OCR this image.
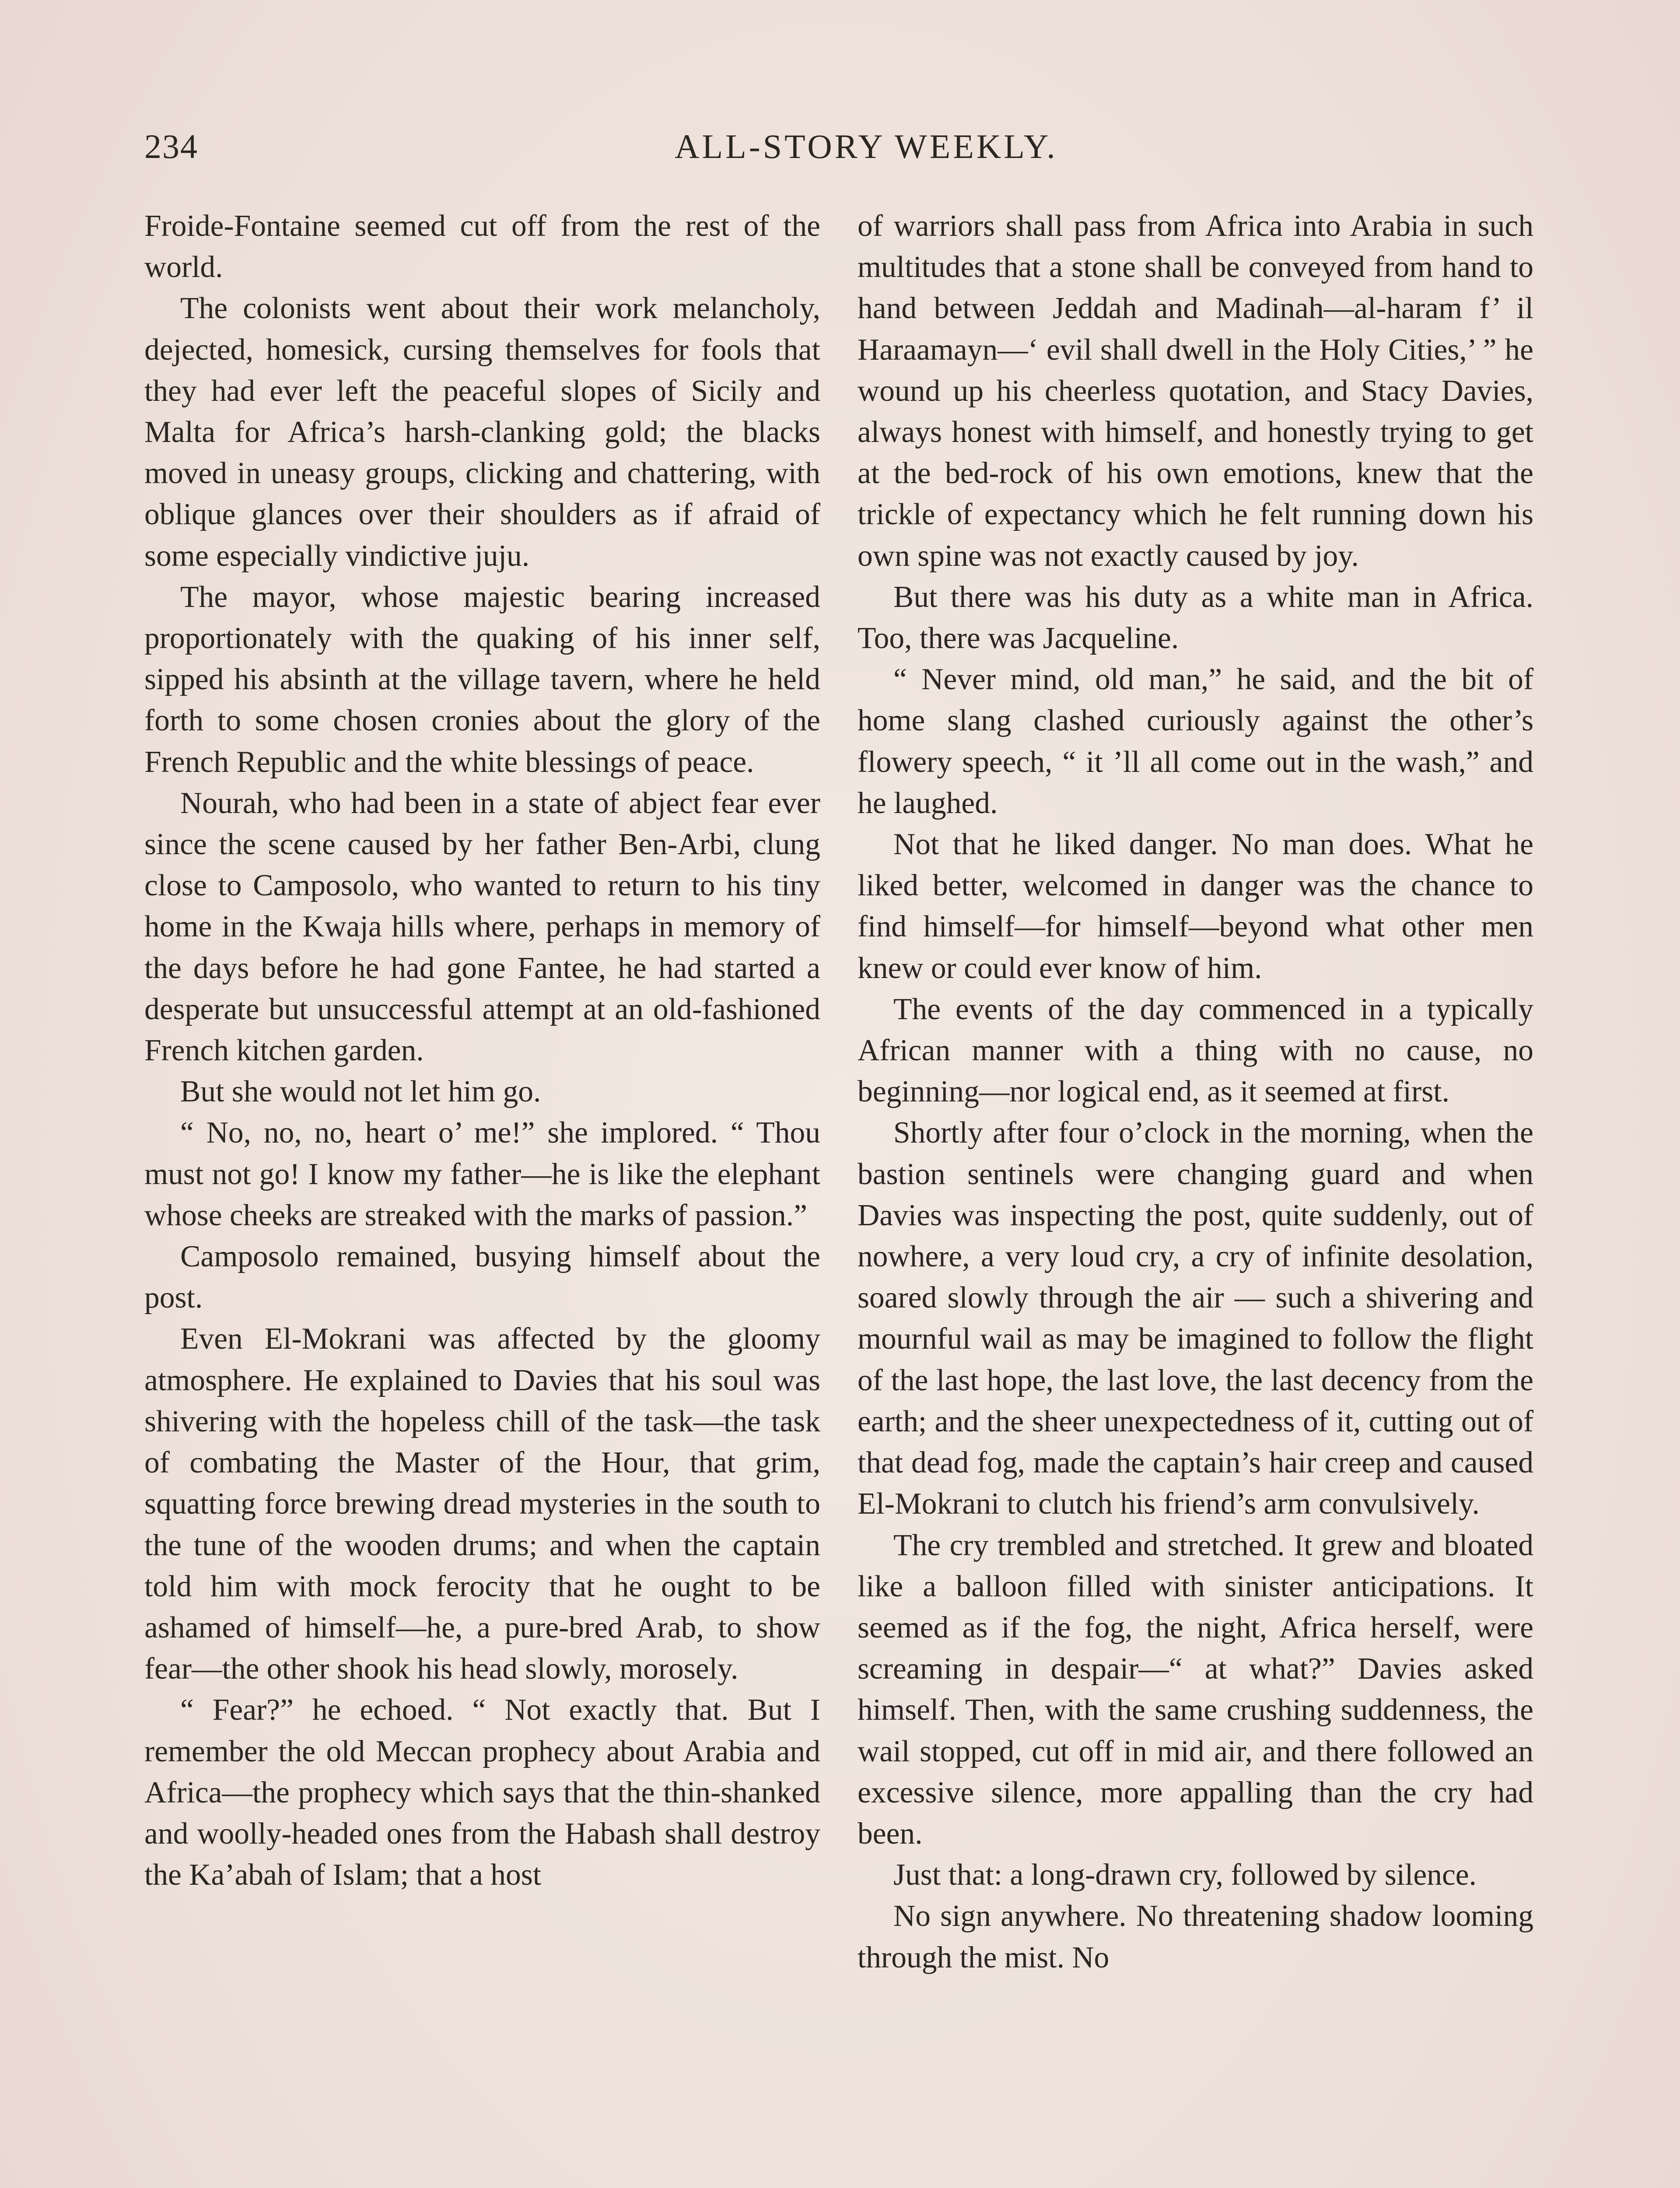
234	ALL-STORY WEEKLY.

Froide-Fontaine seemed cut off from the rest of the world.

The colonists went about their work melancholy, dejected, homesick, cursing themselves for fools that they had ever left the peaceful slopes of Sicily and Malta for Africa’s harsh-clanking gold; the blacks moved in uneasy groups, clicking and chattering, with oblique glances over their shoulders as if afraid of some especially vindictive juju.

The mayor, whose majestic bearing increased proportionately with the quaking of his inner self, sipped his absinth at the village tavern, where he held forth to some chosen cronies about the glory of the French Republic and the white blessings of peace.

Nourah, who had been in a state of abject fear ever since the scene caused by her father Ben-Arbi, clung close to Camposolo, who wanted to return to his tiny home in the Kwaja hills where, perhaps in memory of the days before he had gone Fantee, he had started a desperate but unsuccessful attempt at an old-fashioned French kitchen garden.

But she would not let him go.

“ No, no, no, heart o’ me!” she implored. “ Thou must not go! I know my father—he is like the elephant whose cheeks are streaked with the marks of passion.”

Camposolo remained, busying himself about the post.

Even El-Mokrani was affected by the gloomy atmosphere. He explained to Davies that his soul was shivering with the hopeless chill of the task—the task of combating the Master of the Hour, that grim, squatting force brewing dread mysteries in the south to the tune of the wooden drums; and when the captain told him with mock ferocity that he ought to be ashamed of himself—he, a pure-bred Arab, to show fear—the other shook his head slowly, morosely.

“ Fear?” he echoed. “ Not exactly that. But I remember the old Meccan prophecy about Arabia and Africa—the prophecy which says that the thin-shanked and woolly-headed ones from the Habash shall destroy the Ka’abah of Islam; that a host

of warriors shall pass from Africa into Arabia in such multitudes that a stone shall be conveyed from hand to hand between Jeddah and Madinah—al-haram f’ il Haraamayn—‘ evil shall dwell in the Holy Cities,’ ” he wound up his cheerless quotation, and Stacy Davies, always honest with himself, and honestly trying to get at the bed-rock of his own emotions, knew that the trickle of expectancy which he felt running down his own spine was not exactly caused by joy.

But there was his duty as a white man in Africa. Too, there was Jacqueline.

“ Never mind, old man,” he said, and the bit of home slang clashed curiously against the other’s flowery speech, “ it ’ll all come out in the wash,” and he laughed.

Not that he liked danger. No man does. What he liked better, welcomed in danger was the chance to find himself—for himself—beyond what other men knew or could ever know of him.

The events of the day commenced in a typically African manner with a thing with no cause, no beginning—nor logical end, as it seemed at first.

Shortly after four o’clock in the morning, when the bastion sentinels were changing guard and when Davies was inspecting the post, quite suddenly, out of nowhere, a very loud cry, a cry of infinite desolation, soared slowly through the air — such a shivering and mournful wail as may be imagined to follow the flight of the last hope, the last love, the last decency from the earth; and the sheer unexpectedness of it, cutting out of that dead fog, made the captain’s hair creep and caused El-Mokrani to clutch his friend’s arm convulsively.

The cry trembled and stretched. It grew and bloated like a balloon filled with sinister anticipations. It seemed as if the fog, the night, Africa herself, were screaming in despair—“ at what?” Davies asked himself. Then, with the same crushing suddenness, the wail stopped, cut off in mid air, and there followed an excessive silence, more appalling than the cry had been.

Just that: a long-drawn cry, followed by silence.

No sign anywhere. No threatening shadow looming through the mist. No
